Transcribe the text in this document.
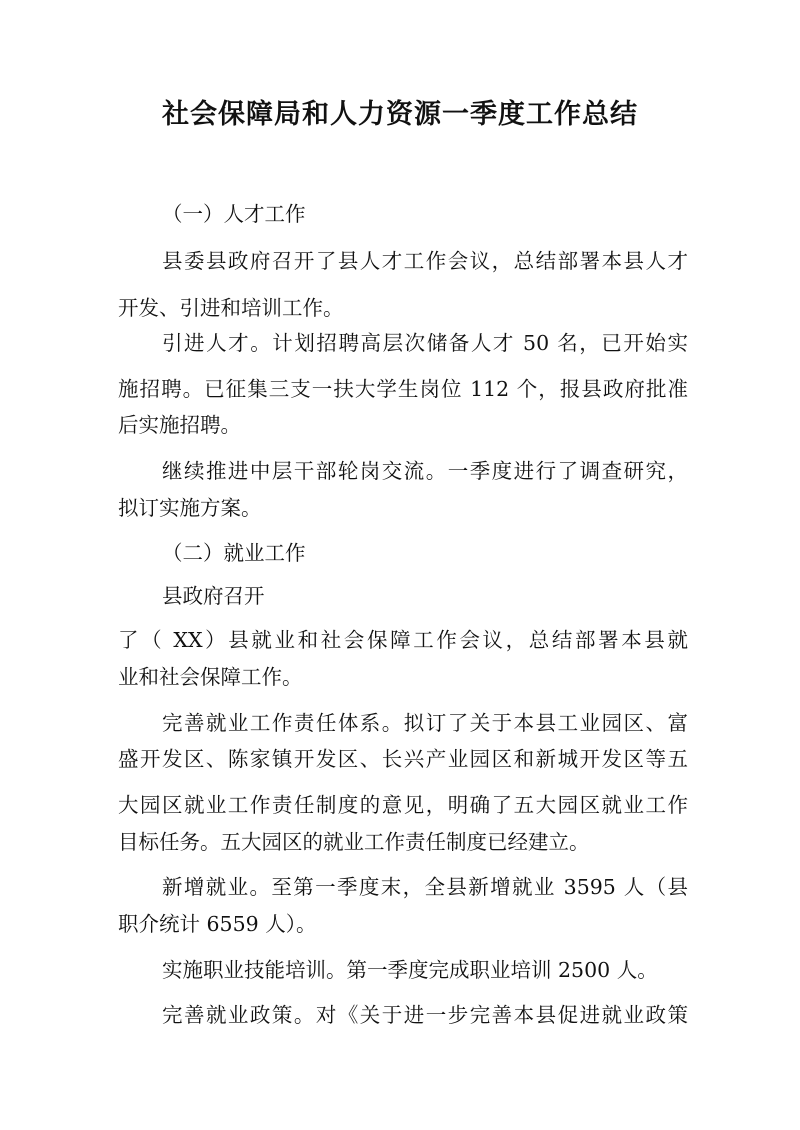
社会保障局和人力资源一季度工作总结

（一）人才工作

县委县政府召开了县人才工作会议，总结部署本县人才

开发、引进和培训工作。

引进人才。计划招聘高层次储备人才 50 名，已开始实

施招聘。已征集三支一扶大学生岗位 112 个，报县政府批准

后实施招聘。

继续推进中层干部轮岗交流。一季度进行了调查研究，

拟订实施方案。

（二）就业工作

县政府召开

了（ XX）县就业和社会保障工作会议，总结部署本县就

业和社会保障工作。

完善就业工作责任体系。拟订了关于本县工业园区、富

盛开发区、陈家镇开发区、长兴产业园区和新城开发区等五

大园区就业工作责任制度的意见，明确了五大园区就业工作

目标任务。五大园区的就业工作责任制度已经建立。

新增就业。至第一季度末，全县新增就业 3595 人（县

职介统计 6559 人）。

实施职业技能培训。第一季度完成职业培训 2500 人。

完善就业政策。对《关于进一步完善本县促进就业政策
